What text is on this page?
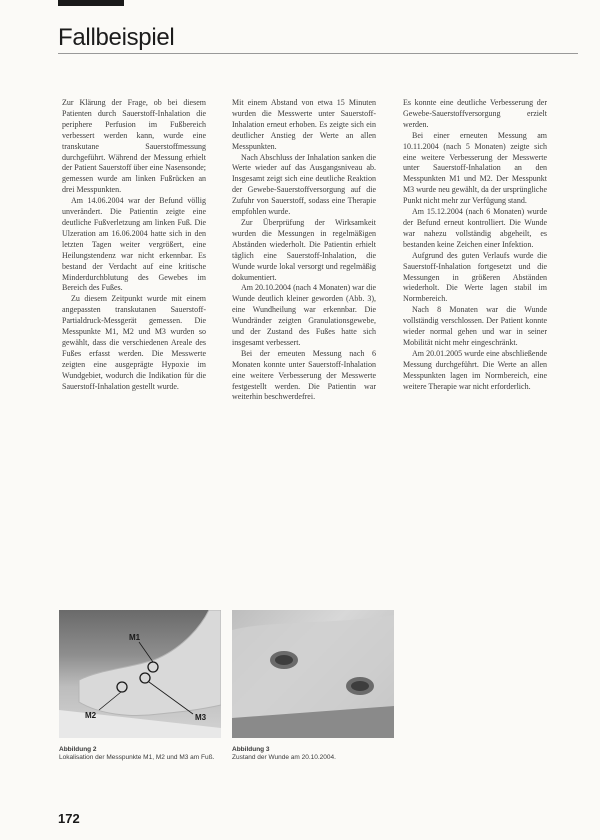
Fallbeispiel

Zur Klärung der Frage, ob bei diesem Patienten durch Sauerstoff-Inhalation die periphere Perfusion im Fußbereich verbessert werden kann, wurde eine transkutane Sauerstoffmessung durchgeführt. Während der Messung erhielt der Patient Sauerstoff über eine Nasensonde; gemessen wurde am linken Fußrücken an drei Messpunkten.

Am 14.06.2004 war der Befund völlig unverändert. Die Patientin zeigte eine deutliche Fußverletzung am linken Fuß. Die Ulzeration am 16.06.2004 hatte sich in den letzten Tagen weiter vergrößert, eine Heilungstendenz war nicht erkennbar. Es bestand der Verdacht auf eine kritische Minderdurchblutung des Gewebes im Bereich des Fußes.

Zu diesem Zeitpunkt wurde mit einem angepassten transkutanen Sauerstoff-Partialdruck-Messgerät gemessen. Die Messpunkte M1, M2 und M3 wurden so gewählt, dass die verschiedenen Areale des Fußes erfasst werden. Die Messwerte zeigten eine ausgeprägte Hypoxie im Wundgebiet, wodurch die Indikation für die Sauerstoff-Inhalation gestellt wurde.

Mit einem Abstand von etwa 15 Minuten wurden die Messwerte unter Sauerstoff-Inhalation erneut erhoben. Es zeigte sich ein deutlicher Anstieg der Werte an allen Messpunkten.

Nach Abschluss der Inhalation sanken die Werte wieder auf das Ausgangsniveau ab. Insgesamt zeigt sich eine deutliche Reaktion der Gewebe-Sauerstoffversorgung auf die Zufuhr von Sauerstoff, sodass eine Therapie empfohlen wurde.

Zur Überprüfung der Wirksamkeit wurden die Messungen in regelmäßigen Abständen wiederholt. Die Patientin erhielt täglich eine Sauerstoff-Inhalation, die Wunde wurde lokal versorgt und regelmäßig dokumentiert.

Am 20.10.2004 (nach 4 Monaten) war die Wunde deutlich kleiner geworden (Abb. 3), eine Wundheilung war erkennbar. Die Wundränder zeigten Granulationsgewebe, und der Zustand des Fußes hatte sich insgesamt verbessert.

Bei der erneuten Messung nach 6 Monaten konnte unter Sauerstoff-Inhalation eine weitere Verbesserung der Messwerte festgestellt werden. Die Patientin war weiterhin beschwerdefrei.

Es konnte eine deutliche Verbesserung der Gewebe-Sauerstoffversorgung erzielt werden.

Bei einer erneuten Messung am 10.11.2004 (nach 5 Monaten) zeigte sich eine weitere Verbesserung der Messwerte unter Sauerstoff-Inhalation an den Messpunkten M1 und M2. Der Messpunkt M3 wurde neu gewählt, da der ursprüngliche Punkt nicht mehr zur Verfügung stand.

Am 15.12.2004 (nach 6 Monaten) wurde der Befund erneut kontrolliert. Die Wunde war nahezu vollständig abgeheilt, es bestanden keine Zeichen einer Infektion.

Aufgrund des guten Verlaufs wurde die Sauerstoff-Inhalation fortgesetzt und die Messungen in größeren Abständen wiederholt. Die Werte lagen stabil im Normbereich.

Nach 8 Monaten war die Wunde vollständig verschlossen. Der Patient konnte wieder normal gehen und war in seiner Mobilität nicht mehr eingeschränkt.

Am 20.01.2005 wurde eine abschließende Messung durchgeführt. Die Werte an allen Messpunkten lagen im Normbereich, eine weitere Therapie war nicht erforderlich.

M1
M2	M3
Abbildung 2
Lokalisation der Messpunkte M1, M2 und M3 am Fuß.
Abbildung 3
Zustand der Wunde am 20.10.2004.
172
